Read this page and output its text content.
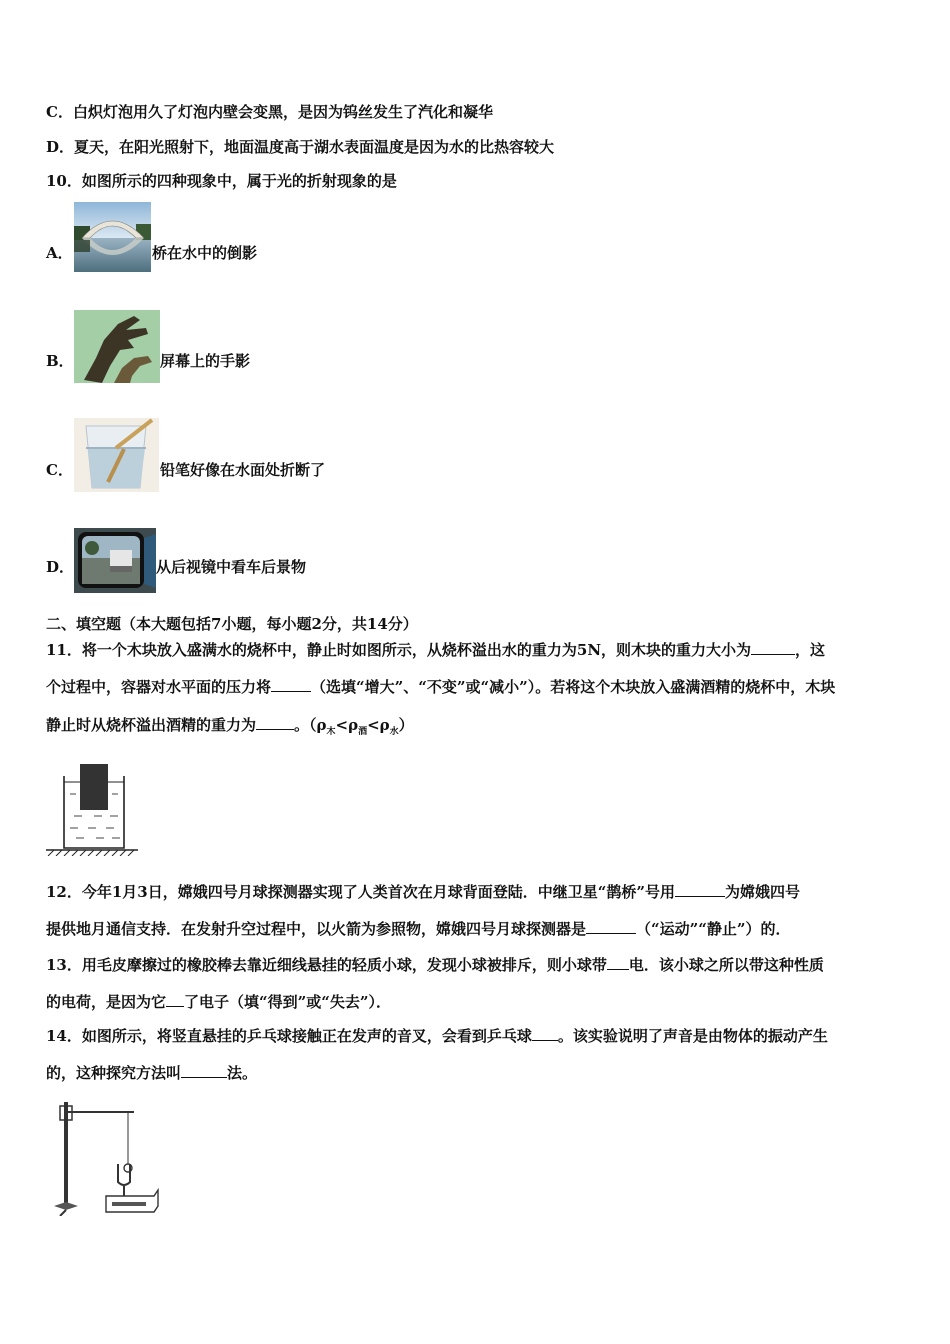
C．白炽灯泡用久了灯泡内壁会变黑，是因为钨丝发生了汽化和凝华
D．夏天，在阳光照射下，地面温度高于湖水表面温度是因为水的比热容较大
10．如图所示的四种现象中，属于光的折射现象的是
A．	桥在水中的倒影
B．	屏幕上的手影
C．	铅笔好像在水面处折断了
D．	从后视镜中看车后景物
二、填空题（本大题包括7小题，每小题2分，共14分）
11．将一个木块放入盛满水的烧杯中，静止时如图所示，从烧杯溢出水的重力为5N，则木块的重力大小为	，这
个过程中，容器对水平面的压力将	（选填“增大”、“不变”或“减小”）。若将这个木块放入盛满酒精的烧杯中，木块
静止时从烧杯溢出酒精的重力为	。$(\rho_木<\rho_酒<\rho_水)$
12．今年1月3日，嫦娥四号月球探测器实现了人类首次在月球背面登陆．中继卫星“鹊桥”号用	为嫦娥四号
提供地月通信支持．在发射升空过程中，以火箭为参照物，嫦娥四号月球探测器是	（“运动”“静止”）的．
13．用毛皮摩擦过的橡胶棒去靠近细线悬挂的轻质小球，发现小球被排斥，则小球带 电．该小球之所以带这种性质
的电荷，是因为它 了电子（填“得到”或“失去”）．
14．如图所示，将竖直悬挂的乒乓球接触正在发声的音叉，会看到乒乓球 。该实验说明了声音是由物体的振动产生
的，这种探究方法叫	法。
